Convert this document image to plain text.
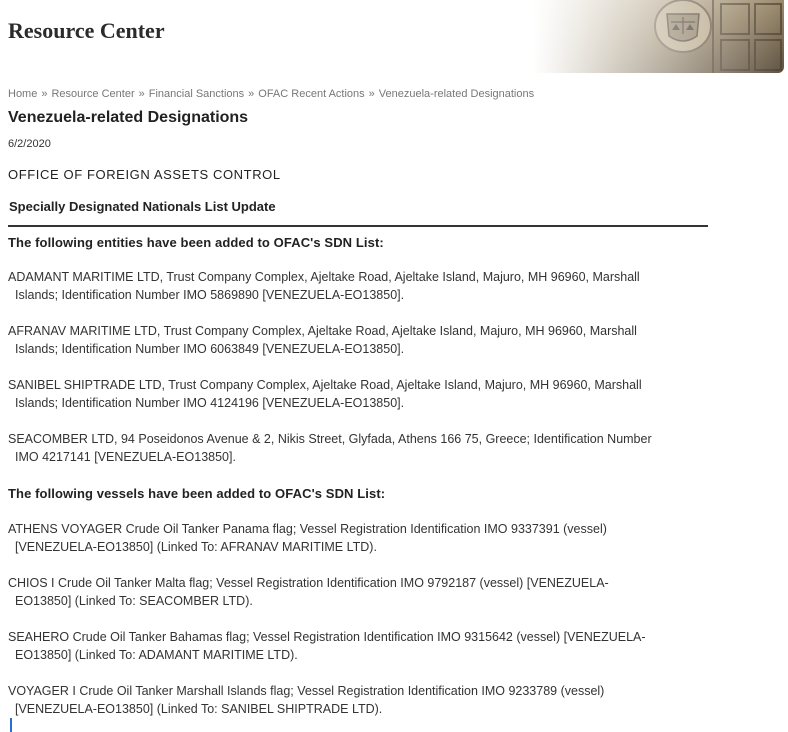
Resource Center
Home » Resource Center » Financial Sanctions » OFAC Recent Actions » Venezuela-related Designations
Venezuela-related Designations
6/2/2020
OFFICE OF FOREIGN ASSETS CONTROL
Specially Designated Nationals List Update
The following entities have been added to OFAC's SDN List:

ADAMANT MARITIME LTD, Trust Company Complex, Ajeltake Road, Ajeltake Island, Majuro, MH 96960, Marshall
Islands; Identification Number IMO 5869890 [VENEZUELA-EO13850].

AFRANAV MARITIME LTD, Trust Company Complex, Ajeltake Road, Ajeltake Island, Majuro, MH 96960, Marshall
Islands; Identification Number IMO 6063849 [VENEZUELA-EO13850].

SANIBEL SHIPTRADE LTD, Trust Company Complex, Ajeltake Road, Ajeltake Island, Majuro, MH 96960, Marshall
Islands; Identification Number IMO 4124196 [VENEZUELA-EO13850].

SEACOMBER LTD, 94 Poseidonos Avenue & 2, Nikis Street, Glyfada, Athens 166 75, Greece; Identification Number
IMO 4217141 [VENEZUELA-EO13850].

The following vessels have been added to OFAC's SDN List:

ATHENS VOYAGER Crude Oil Tanker Panama flag; Vessel Registration Identification IMO 9337391 (vessel)
[VENEZUELA-EO13850] (Linked To: AFRANAV MARITIME LTD).

CHIOS I Crude Oil Tanker Malta flag; Vessel Registration Identification IMO 9792187 (vessel) [VENEZUELA-
EO13850] (Linked To: SEACOMBER LTD).

SEAHERO Crude Oil Tanker Bahamas flag; Vessel Registration Identification IMO 9315642 (vessel) [VENEZUELA-
EO13850] (Linked To: ADAMANT MARITIME LTD).

VOYAGER I Crude Oil Tanker Marshall Islands flag; Vessel Registration Identification IMO 9233789 (vessel)
[VENEZUELA-EO13850] (Linked To: SANIBEL SHIPTRADE LTD).
